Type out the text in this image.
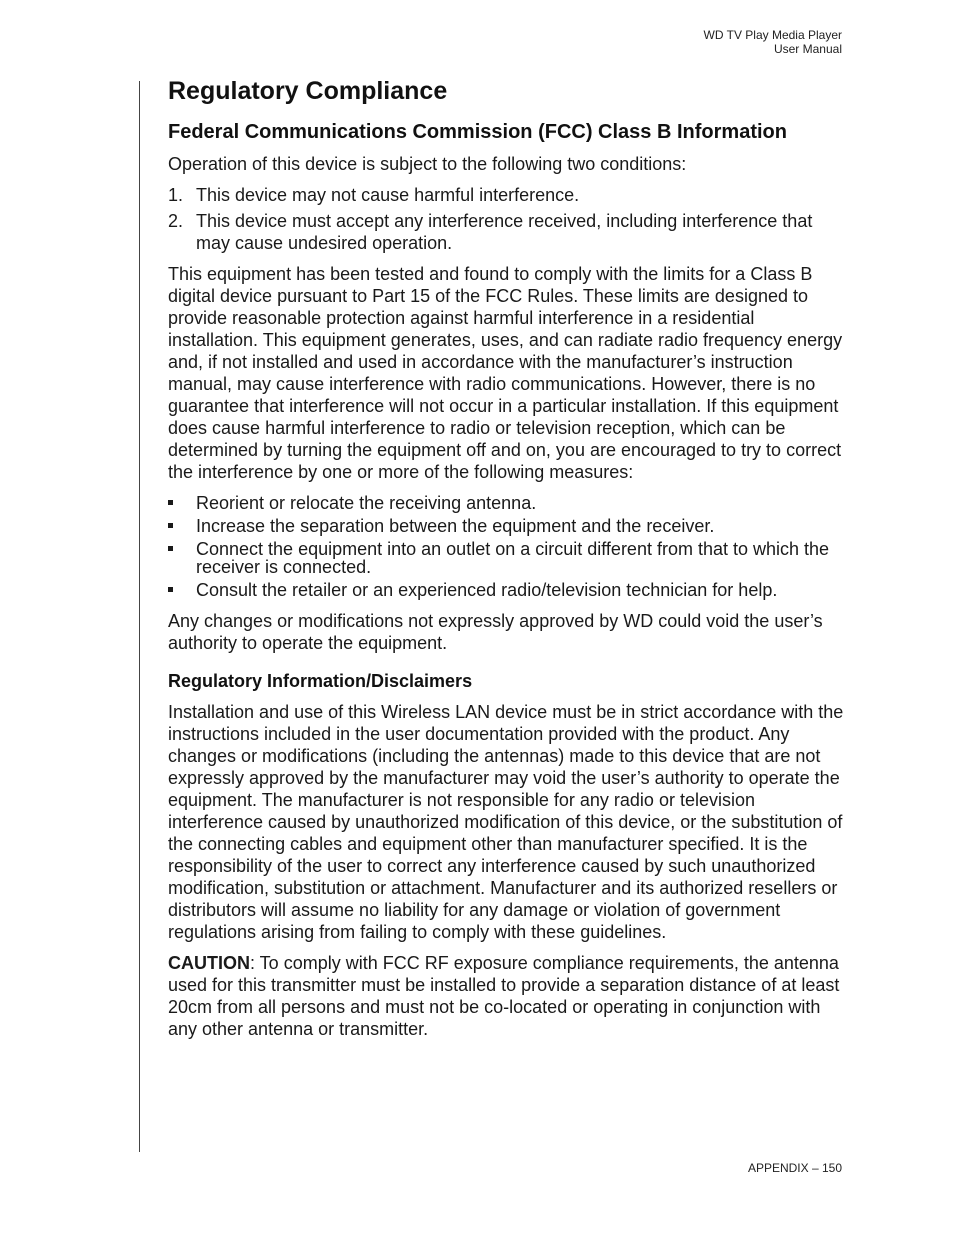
WD TV Play Media Player
User Manual
Regulatory Compliance
Federal Communications Commission (FCC) Class B Information

Operation of this device is subject to the following two conditions:

1. This device may not cause harmful interference.
2. This device must accept any interference received, including interference that may cause undesired operation.

This equipment has been tested and found to comply with the limits for a Class B digital device pursuant to Part 15 of the FCC Rules. These limits are designed to provide reasonable protection against harmful interference in a residential installation. This equipment generates, uses, and can radiate radio frequency energy and, if not installed and used in accordance with the manufacturer’s instruction manual, may cause interference with radio communications. However, there is no guarantee that interference will not occur in a particular installation. If this equipment does cause harmful interference to radio or television reception, which can be determined by turning the equipment off and on, you are encouraged to try to correct the interference by one or more of the following measures:

Reorient or relocate the receiving antenna.
Increase the separation between the equipment and the receiver.
Connect the equipment into an outlet on a circuit different from that to which the receiver is connected.
Consult the retailer or an experienced radio/television technician for help.

Any changes or modifications not expressly approved by WD could void the user’s authority to operate the equipment.

Regulatory Information/Disclaimers

Installation and use of this Wireless LAN device must be in strict accordance with the instructions included in the user documentation provided with the product. Any changes or modifications (including the antennas) made to this device that are not expressly approved by the manufacturer may void the user’s authority to operate the equipment. The manufacturer is not responsible for any radio or television interference caused by unauthorized modification of this device, or the substitution of the connecting cables and equipment other than manufacturer specified. It is the responsibility of the user to correct any interference caused by such unauthorized modification, substitution or attachment. Manufacturer and its authorized resellers or distributors will assume no liability for any damage or violation of government regulations arising from failing to comply with these guidelines.

CAUTION: To comply with FCC RF exposure compliance requirements, the antenna used for this transmitter must be installed to provide a separation distance of at least 20cm from all persons and must not be co-located or operating in conjunction with any other antenna or transmitter.

APPENDIX – 150
